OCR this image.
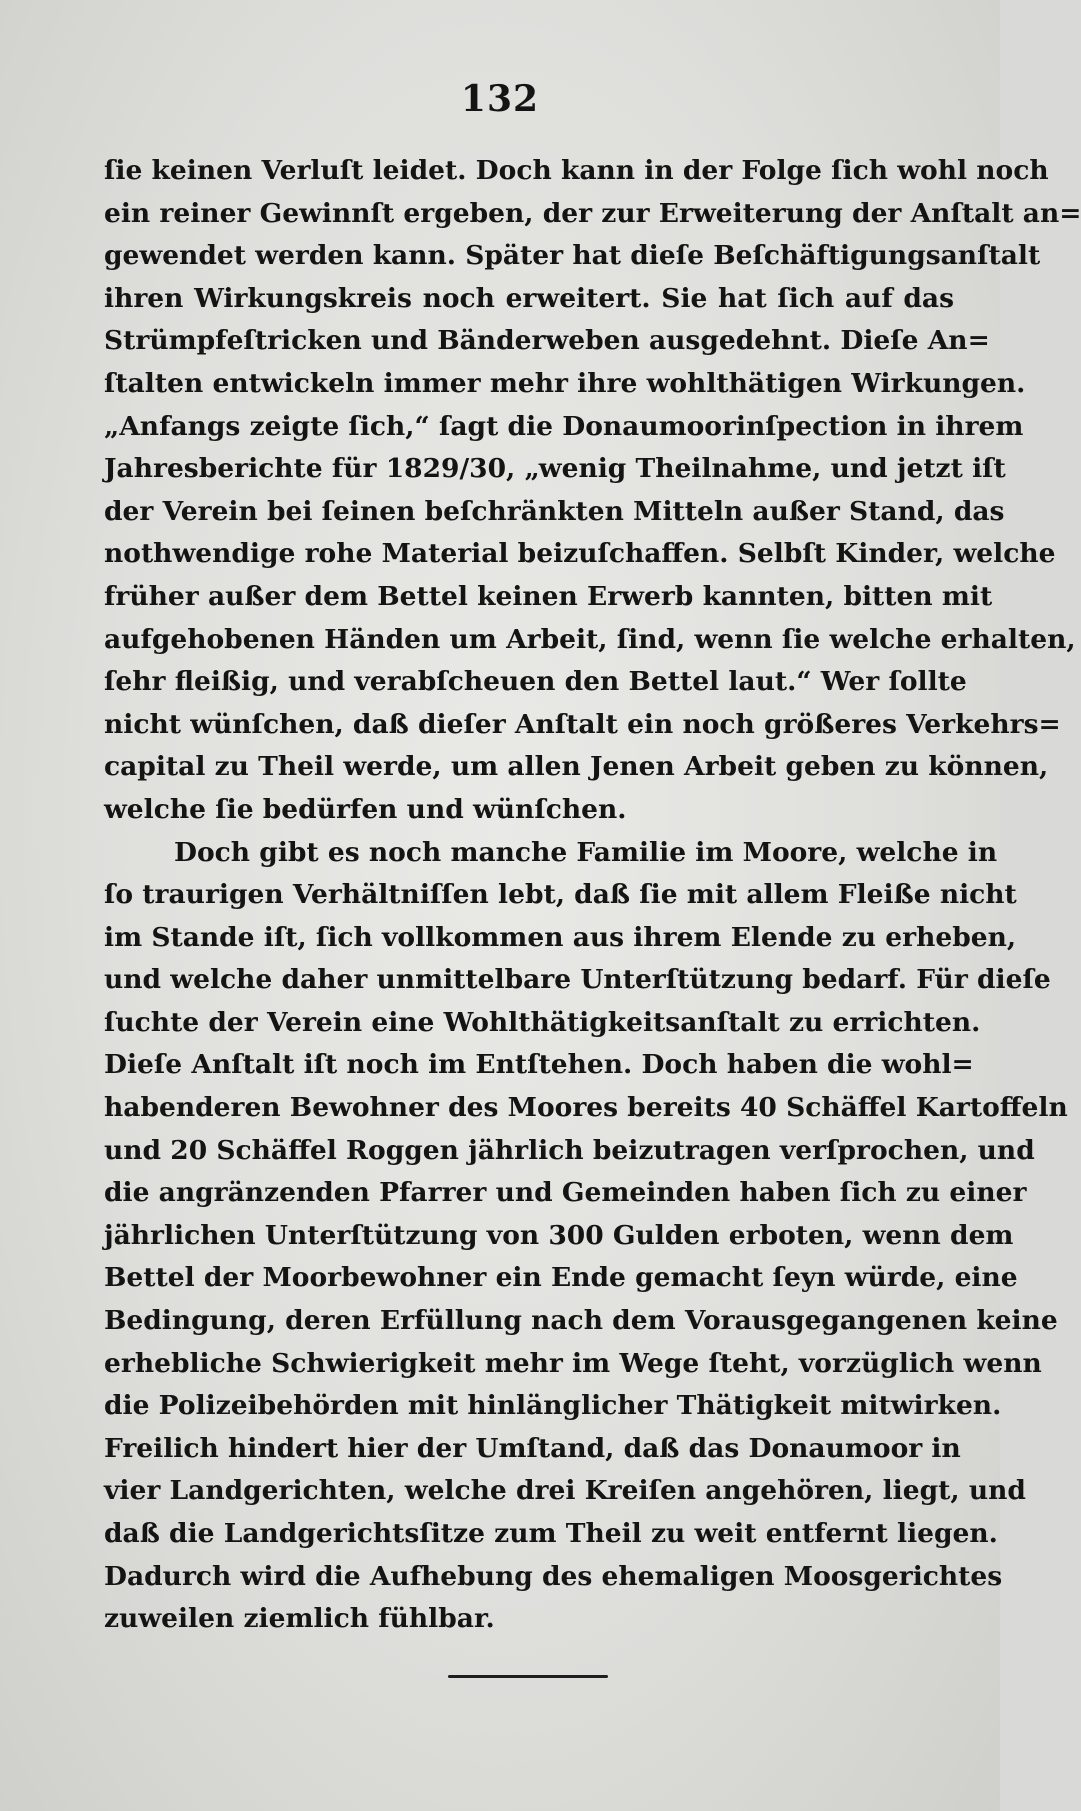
132
ſie keinen Verluſt leidet. Doch kann in der Folge ſich wohl noch
ein reiner Gewinnſt ergeben, der zur Erweiterung der Anſtalt an=
gewendet werden kann. Später hat dieſe Beſchäftigungsanſtalt
ihren Wirkungskreis noch erweitert. Sie hat ſich auf das
Strümpfeſtricken und Bänderweben ausgedehnt. Dieſe An=
ſtalten entwickeln immer mehr ihre wohlthätigen Wirkungen.
„Anfangs zeigte ſich,“ ſagt die Donaumoorinſpection in ihrem
Jahresberichte für 1829/30, „wenig Theilnahme, und jetzt iſt
der Verein bei ſeinen beſchränkten Mitteln außer Stand, das
nothwendige rohe Material beizuſchaffen. Selbſt Kinder, welche
früher außer dem Bettel keinen Erwerb kannten, bitten mit
aufgehobenen Händen um Arbeit, ſind, wenn ſie welche erhalten,
ſehr fleißig, und verabſcheuen den Bettel laut.“ Wer ſollte
nicht wünſchen, daß dieſer Anſtalt ein noch größeres Verkehrs=
capital zu Theil werde, um allen Jenen Arbeit geben zu können,
welche ſie bedürfen und wünſchen.
Doch gibt es noch manche Familie im Moore, welche in
ſo traurigen Verhältniſſen lebt, daß ſie mit allem Fleiße nicht
im Stande iſt, ſich vollkommen aus ihrem Elende zu erheben,
und welche daher unmittelbare Unterſtützung bedarf. Für dieſe
ſuchte der Verein eine Wohlthätigkeitsanſtalt zu errichten.
Dieſe Anſtalt iſt noch im Entſtehen. Doch haben die wohl=
habenderen Bewohner des Moores bereits 40 Schäffel Kartoffeln
und 20 Schäffel Roggen jährlich beizutragen verſprochen, und
die angränzenden Pfarrer und Gemeinden haben ſich zu einer
jährlichen Unterſtützung von 300 Gulden erboten, wenn dem
Bettel der Moorbewohner ein Ende gemacht ſeyn würde, eine
Bedingung, deren Erfüllung nach dem Vorausgegangenen keine
erhebliche Schwierigkeit mehr im Wege ſteht, vorzüglich wenn
die Polizeibehörden mit hinlänglicher Thätigkeit mitwirken.
Freilich hindert hier der Umſtand, daß das Donaumoor in
vier Landgerichten, welche drei Kreiſen angehören, liegt, und
daß die Landgerichtsſitze zum Theil zu weit entfernt liegen.
Dadurch wird die Aufhebung des ehemaligen Moosgerichtes
zuweilen ziemlich fühlbar.
